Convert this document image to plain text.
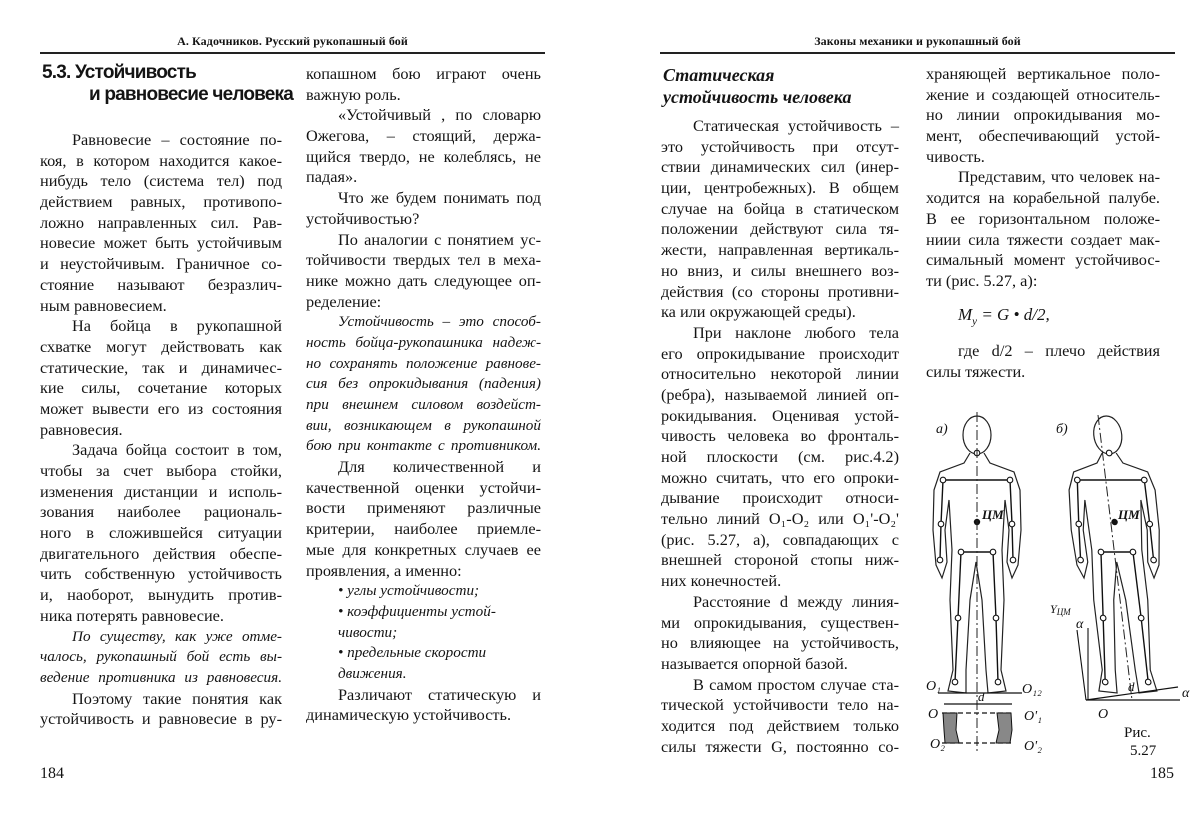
А. Кадочников. Русский рукопашный бой	Законы механики и рукопашный бой
5.3. Устойчивость
и равновесие человека
Статическая
устойчивость человека
Равновесие – состояние по-
коя, в котором находится какое-
нибудь тело (система тел) под
действием равных, противопо-
ложно направленных сил. Рав-
новесие может быть устойчивым
и неустойчивым. Граничное со-
стояние называют безразлич-
ным равновесием.
На бойца в рукопашной
схватке могут действовать как
статические, так и динамичес-
кие силы, сочетание которых
может вывести его из состояния
равновесия.
Задача бойца состоит в том,
чтобы за счет выбора стойки,
изменения дистанции и исполь-
зования наиболее рациональ-
ного в сложившейся ситуации
двигательного действия обеспе-
чить собственную устойчивость
и, наоборот, вынудить против-
ника потерять равновесие.
По существу, как уже отме-
чалось, рукопашный бой есть вы-
ведение противника из равновесия.
Поэтому такие понятия как
устойчивость и равновесие в ру-
копашном бою играют очень
важную роль.
«Устойчивый , по словарю
Ожегова, – стоящий, держа-
щийся твердо, не колеблясь, не
падая».
Что же будем понимать под
устойчивостью?
По аналогии с понятием ус-
тойчивости твердых тел в меха-
нике можно дать следующее оп-
ределение:
Устойчивость – это способ-
ность бойца-рукопашника надеж-
но сохранять положение равнове-
сия без опрокидывания (падения)
при внешнем силовом воздейст-
вии, возникающем в рукопашной
бою при контакте с противником.
Для количественной и
качественной оценки устойчи-
вости применяют различные
критерии, наиболее приемле-
мые для конкретных случаев ее
проявления, а именно:
• углы устойчивости;
• коэффициенты устой-
чивости;
• предельные скорости
движения.
Различают статическую и
динамическую устойчивость.
Статическая устойчивость –
это устойчивость при отсут-
ствии динамических сил (инер-
ции, центробежных). В общем
случае на бойца в статическом
положении действуют сила тя-
жести, направленная вертикаль-
но вниз, и силы внешнего воз-
действия (со стороны противни-
ка или окружающей среды).
При наклоне любого тела
его опрокидывание происходит
относительно некоторой линии
(ребра), называемой линией оп-
рокидывания. Оценивая устой-
чивость человека во фронталь-
ной плоскости (см. рис.4.2)
можно считать, что его опроки-
дывание происходит относи-
тельно линий O₁-O₂ или O₁'-O₂'
(рис. 5.27, а), совпадающих с
внешней стороной стопы ниж-
них конечностей.
Расстояние d между линия-
ми опрокидывания, существен-
но влияющее на устойчивость,
называется опорной базой.
В самом простом случае ста-
тической устойчивости тело на-
ходится под действием только
силы тяжести G, постоянно со-
храняющей вертикальное поло-
жение и создающей относитель-
но линии опрокидывания мо-
мент, обеспечивающий устой-
чивость.
Представим, что человек на-
ходится на корабельной палубе.
В ее горизонтальном положе-
ниии сила тяжести создает мак-
симальный момент устойчивос-
ти (рис. 5.27, а):
$M_y = G$ • d/2,
где d/2 – плечо действия
силы тяжести.
а)
ЦМ
O₁	O₁₂
d
O	O'₁
O₂	O'₂
б)
ЦМ
YЦМ
α
α
d
O
Рис.
5.27
184	185
